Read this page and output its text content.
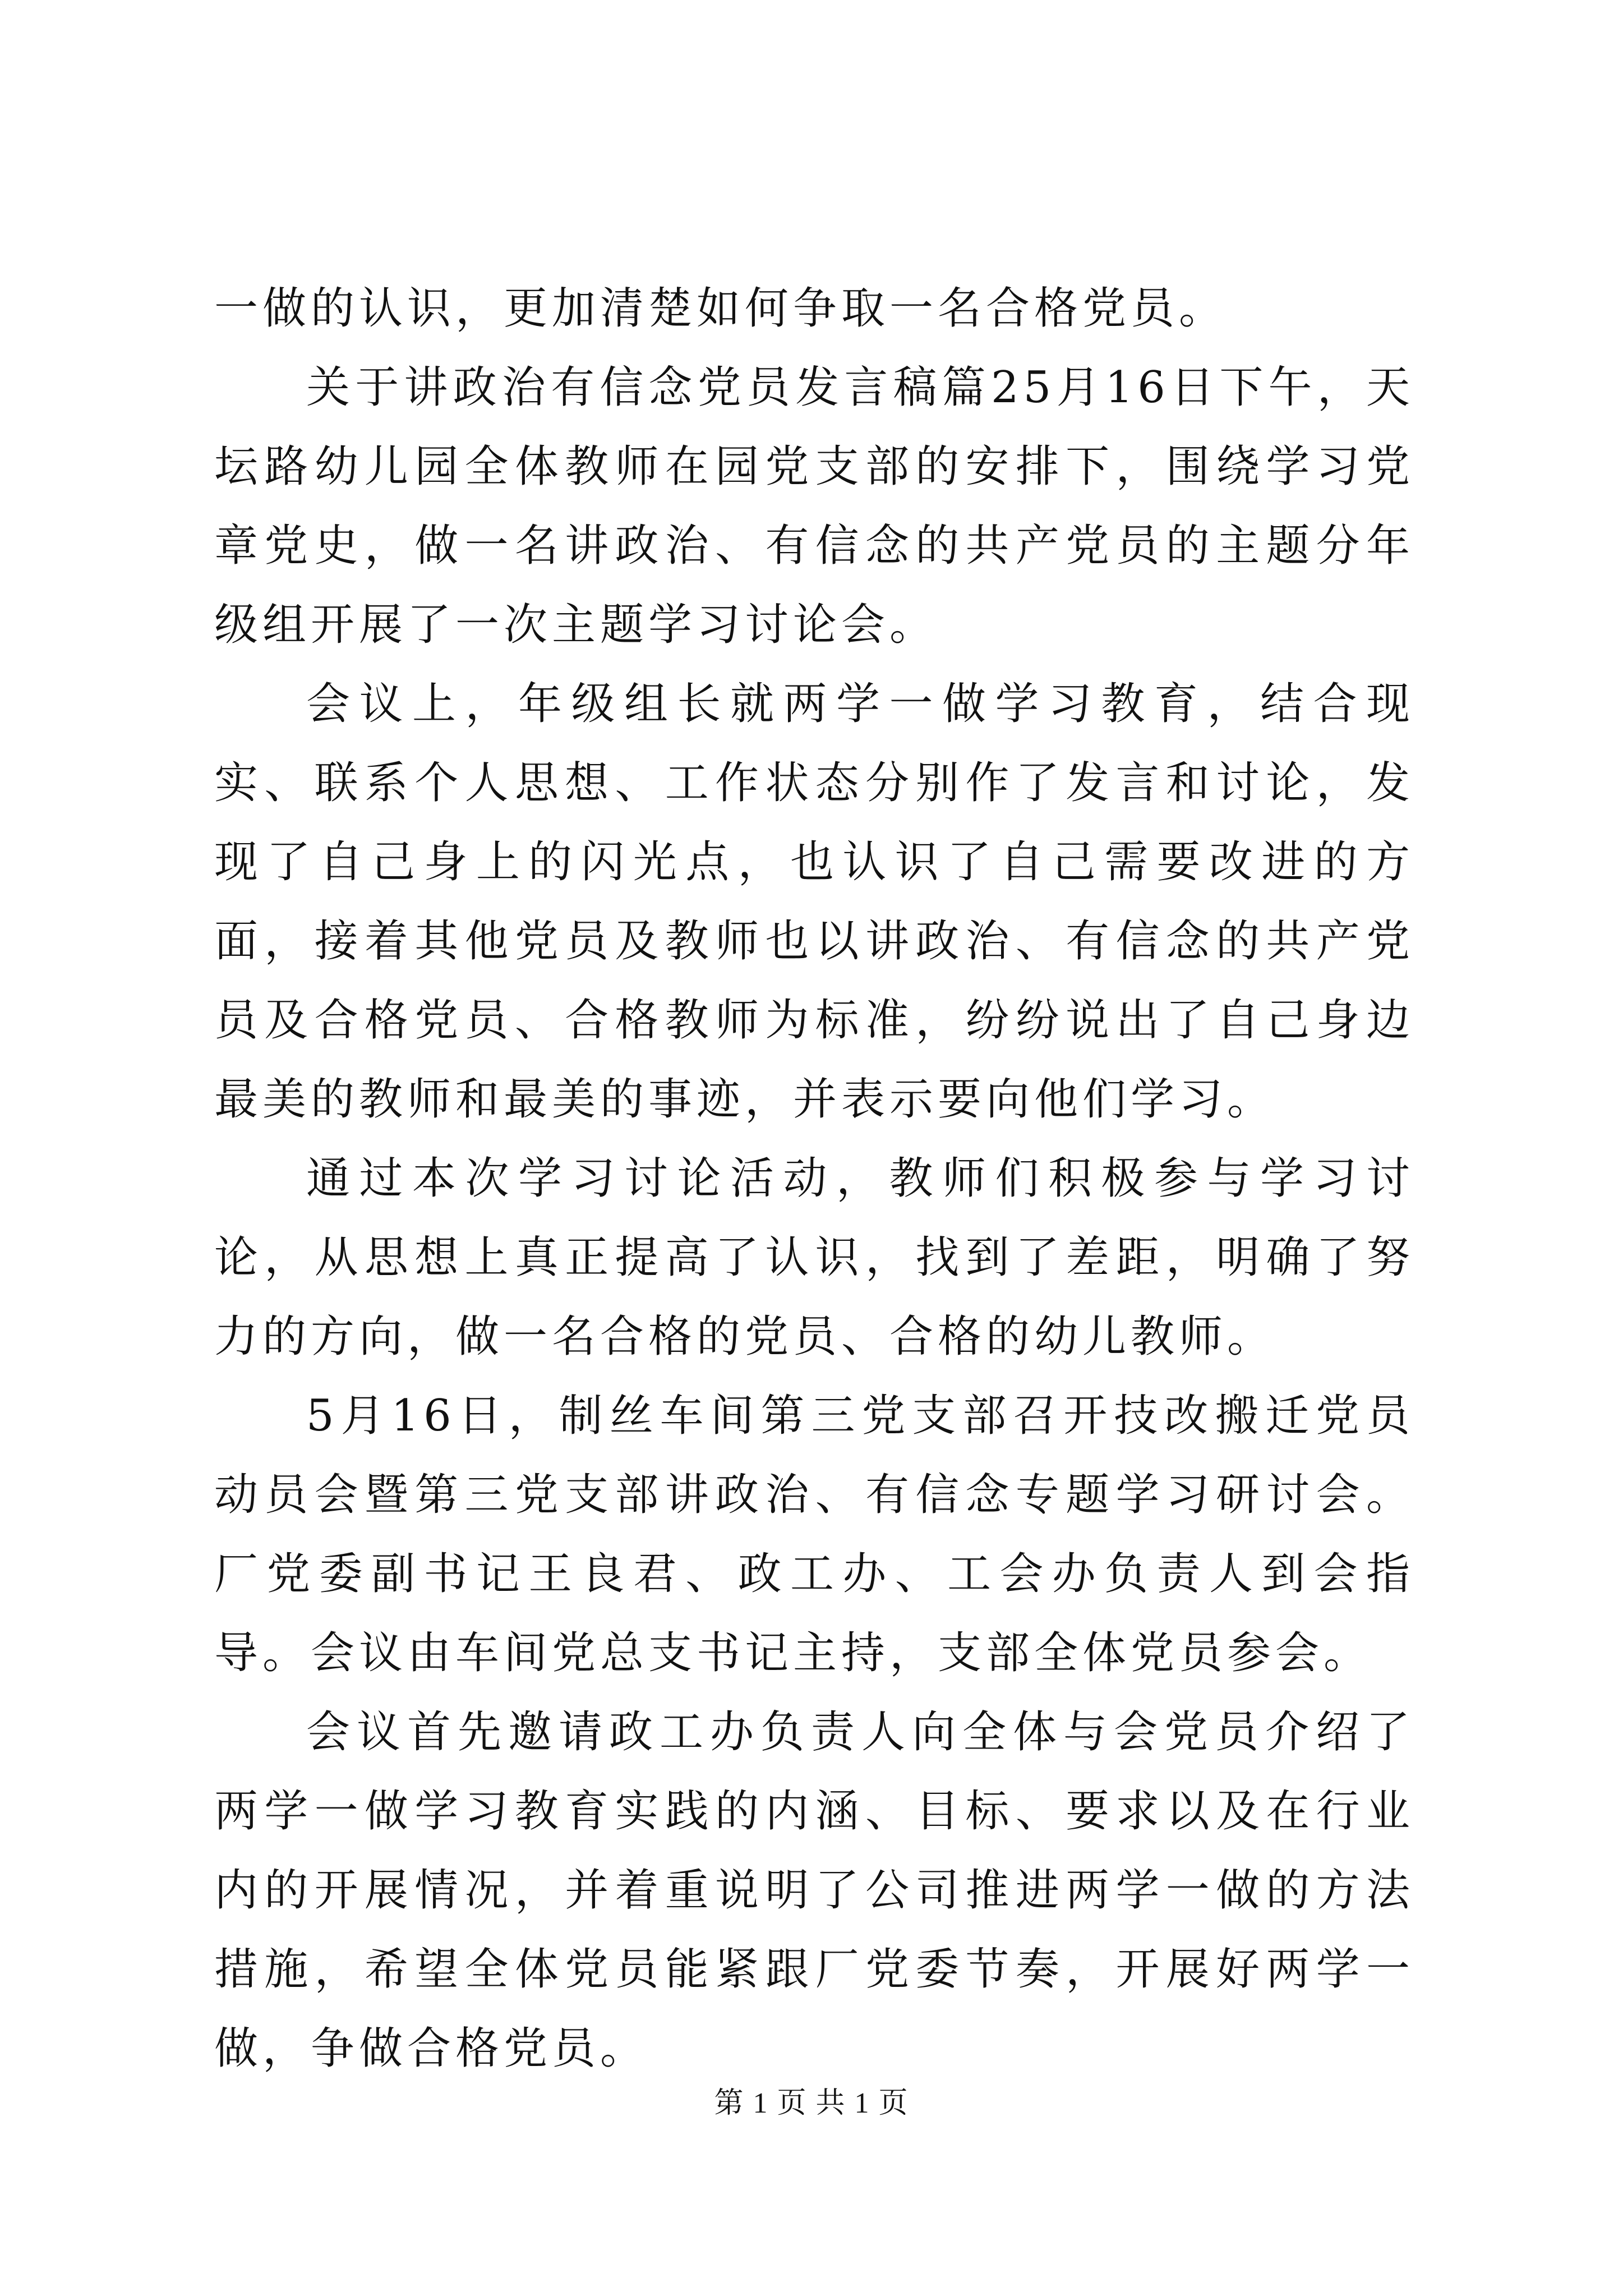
一做的认识，更加清楚如何争取一名合格党员。

关于讲政治有信念党员发言稿篇25月16日下午，天坛路幼儿园全体教师在园党支部的安排下，围绕学习党章党史，做一名讲政治、有信念的共产党员的主题分年级组开展了一次主题学习讨论会。

会议上，年级组长就两学一做学习教育，结合现实、联系个人思想、工作状态分别作了发言和讨论，发现了自己身上的闪光点，也认识了自己需要改进的方面，接着其他党员及教师也以讲政治、有信念的共产党员及合格党员、合格教师为标准，纷纷说出了自己身边最美的教师和最美的事迹，并表示要向他们学习。

通过本次学习讨论活动，教师们积极参与学习讨论，从思想上真正提高了认识，找到了差距，明确了努力的方向，做一名合格的党员、合格的幼儿教师。

5月16日，制丝车间第三党支部召开技改搬迁党员动员会暨第三党支部讲政治、有信念专题学习研讨会。厂党委副书记王良君、政工办、工会办负责人到会指导。会议由车间党总支书记主持，支部全体党员参会。

会议首先邀请政工办负责人向全体与会党员介绍了两学一做学习教育实践的内涵、目标、要求以及在行业内的开展情况，并着重说明了公司推进两学一做的方法措施，希望全体党员能紧跟厂党委节奏，开展好两学一做，争做合格党员。

第 1 页 共 1 页
